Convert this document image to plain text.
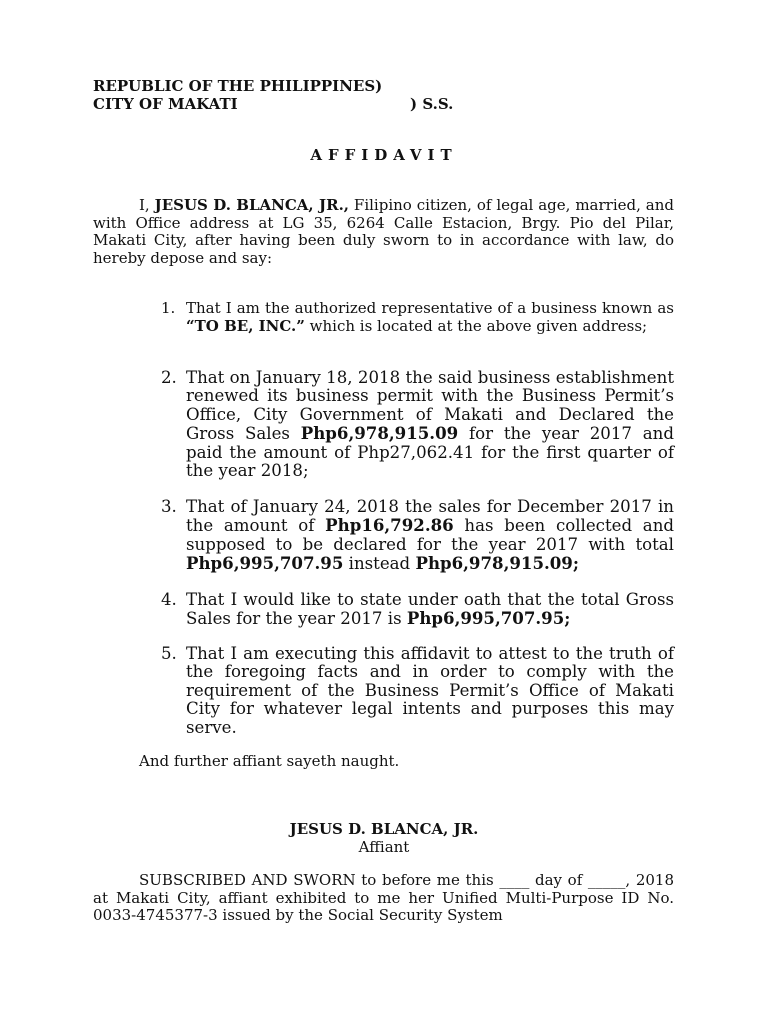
REPUBLIC OF THE PHILIPPINES)
CITY OF MAKATI	) S.S.
AFFIDAVIT

I, JESUS D. BLANCA, JR., Filipino citizen, of legal age, married, and with Office address at LG 35, 6264 Calle Estacion, Brgy. Pio del Pilar, Makati City, after having been duly sworn to in accordance with law, do hereby depose and say:

1. That I am the authorized representative of a business known as “TO BE, INC.” which is located at the above given address;
2. That on January 18, 2018 the said business establishment renewed its business permit with the Business Permit’s Office, City Government of Makati and Declared the Gross Sales Php6,978,915.09 for the year 2017 and paid the amount of Php27,062.41 for the first quarter of the year 2018;
3. That of January 24, 2018 the sales for December 2017 in the amount of Php16,792.86 has been collected and supposed to be declared for the year 2017 with total Php6,995,707.95 instead Php6,978,915.09;
4. That I would like to state under oath that the total Gross Sales for the year 2017 is Php6,995,707.95;
5. That I am executing this affidavit to attest to the truth of the foregoing facts and in order to comply with the requirement of the Business Permit’s Office of Makati City for whatever legal intents and purposes this may serve.
And further affiant sayeth naught.
JESUS D. BLANCA, JR.
Affiant

SUBSCRIBED AND SWORN to before me this ____ day of _____, 2018 at Makati City, affiant exhibited to me her Unified Multi-Purpose ID No. 0033-4745377-3 issued by the Social Security System
